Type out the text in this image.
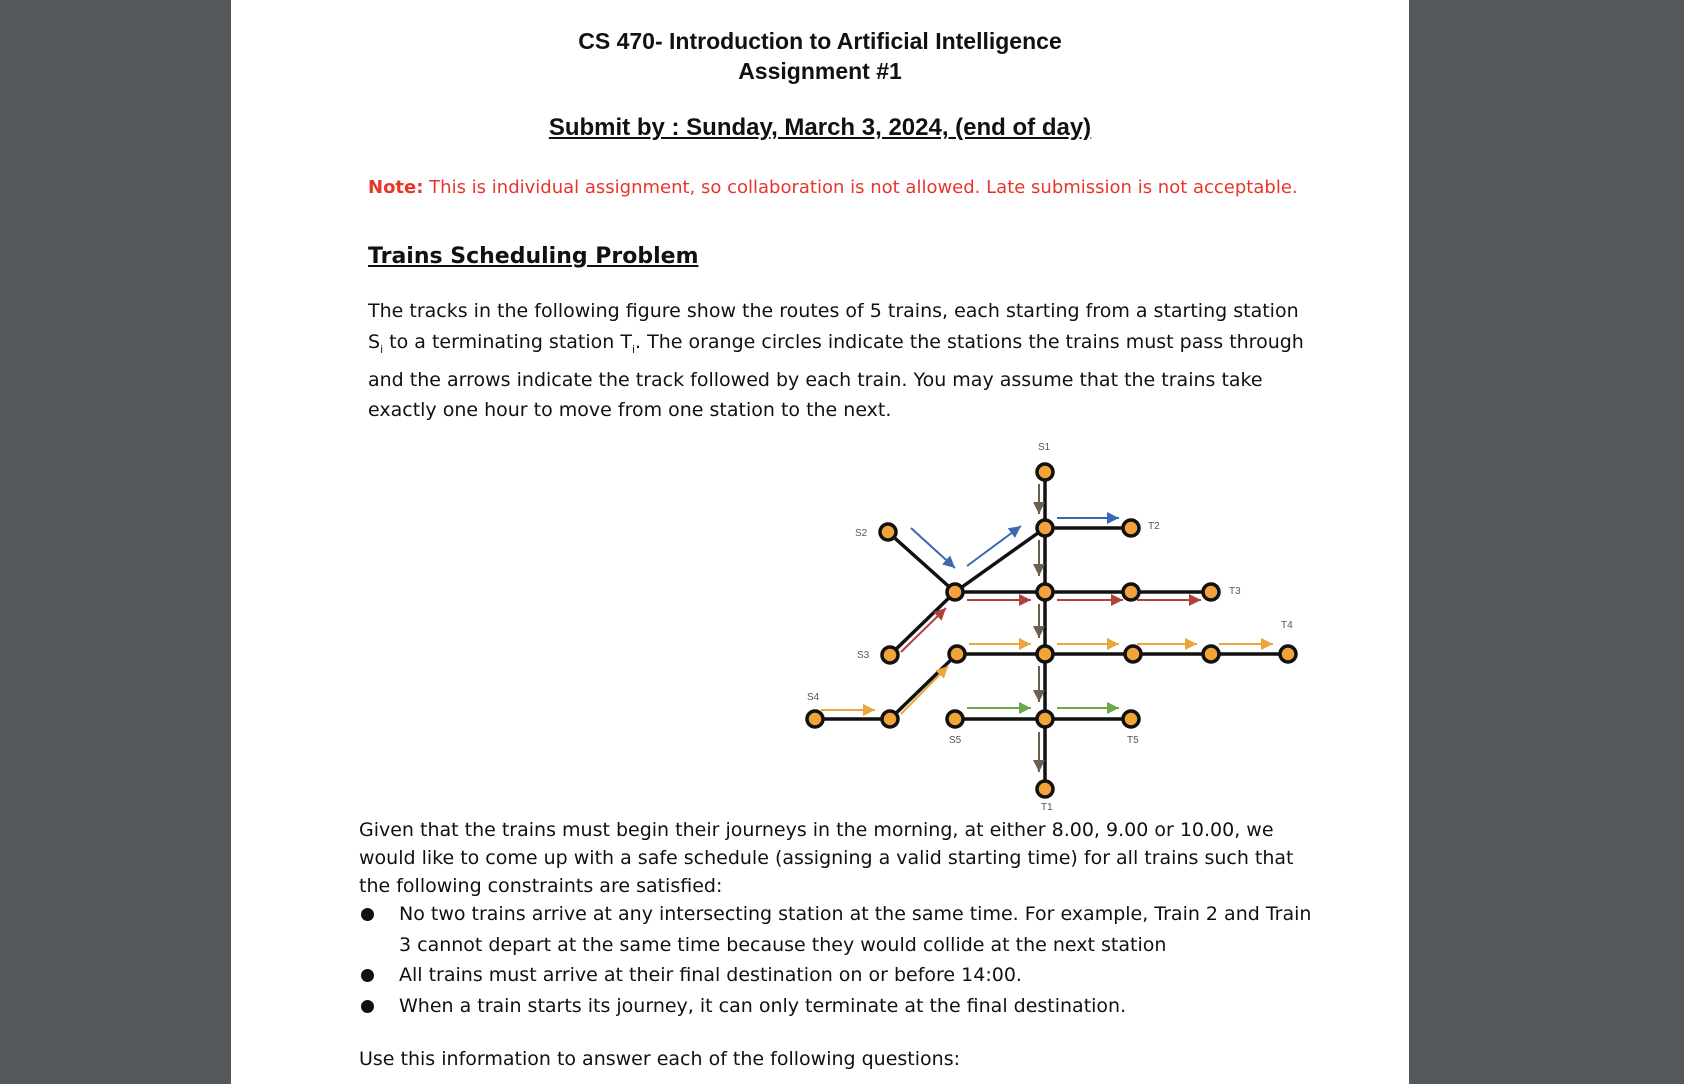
CS 470- Introduction to Artificial Intelligence
Assignment #1
Submit by : Sunday, March 3, 2024, (end of day)
Note: This is individual assignment, so collaboration is not allowed. Late submission is not acceptable.
Trains Scheduling Problem
The tracks in the following figure show the routes of 5 trains, each starting from a starting station $S_i$ to a terminating station $T_i$. The orange circles indicate the stations the trains must pass through and the arrows indicate the track followed by each train. You may assume that the trains take exactly one hour to move from one station to the next.
S1
S2
T2
T3
T4
S3
S4
S5	T5
T1
Given that the trains must begin their journeys in the morning, at either 8.00, 9.00 or 10.00, we would like to come up with a safe schedule (assigning a valid starting time) for all trains such that the following constraints are satisfied:
No two trains arrive at any intersecting station at the same time. For example, Train 2 and Train 3 cannot depart at the same time because they would collide at the next station
All trains must arrive at their final destination on or before 14:00.
When a train starts its journey, it can only terminate at the final destination.
Use this information to answer each of the following questions:
